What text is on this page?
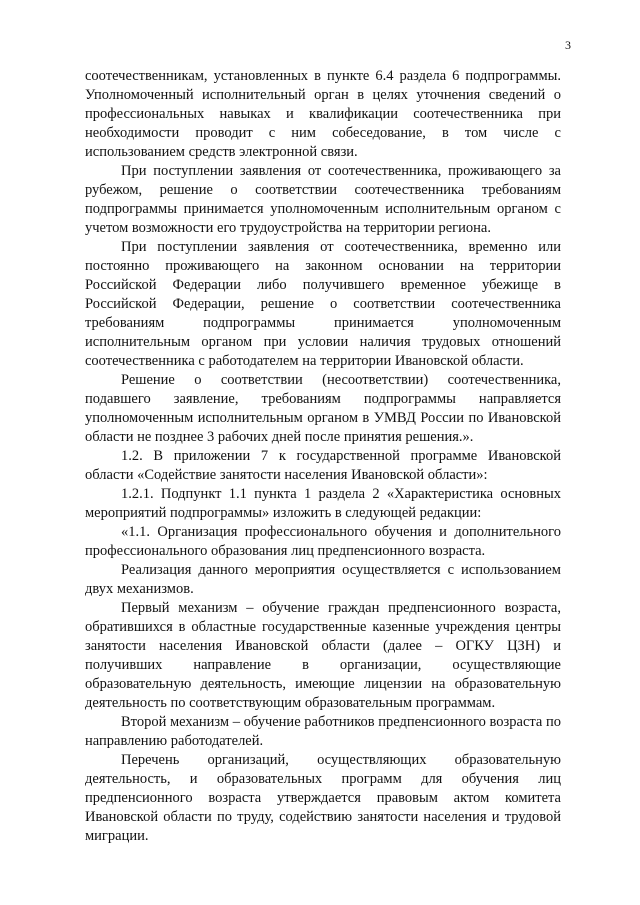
3

соотечественникам, установленных в пункте 6.4 раздела 6 подпрограммы. Уполномоченный исполнительный орган в целях уточнения сведений о профессиональных навыках и квалификации соотечественника при необходимости проводит с ним собеседование, в том числе с использованием средств электронной связи.

При поступлении заявления от соотечественника, проживающего за рубежом, решение о соответствии соотечественника требованиям подпрограммы принимается уполномоченным исполнительным органом с учетом возможности его трудоустройства на территории региона.

При поступлении заявления от соотечественника, временно или постоянно проживающего на законном основании на территории Российской Федерации либо получившего временное убежище в Российской Федерации, решение о соответствии соотечественника требованиям подпрограммы принимается уполномоченным исполнительным органом при условии наличия трудовых отношений соотечественника с работодателем на территории Ивановской области.

Решение о соответствии (несоответствии) соотечественника, подавшего заявление, требованиям подпрограммы направляется уполномоченным исполнительным органом в УМВД России по Ивановской области не позднее 3 рабочих дней после принятия решения.».

1.2. В приложении 7 к государственной программе Ивановской области «Содействие занятости населения Ивановской области»:

1.2.1. Подпункт 1.1 пункта 1 раздела 2 «Характеристика основных мероприятий подпрограммы» изложить в следующей редакции:

«1.1. Организация профессионального обучения и дополнительного профессионального образования лиц предпенсионного возраста.

Реализация данного мероприятия осуществляется с использованием двух механизмов.

Первый механизм – обучение граждан предпенсионного возраста, обратившихся в областные государственные казенные учреждения центры занятости населения Ивановской области (далее – ОГКУ ЦЗН) и получивших направление в организации, осуществляющие образовательную деятельность, имеющие лицензии на образовательную деятельность по соответствующим образовательным программам.

Второй механизм – обучение работников предпенсионного возраста по направлению работодателей.

Перечень организаций, осуществляющих образовательную деятельность, и образовательных программ для обучения лиц предпенсионного возраста утверждается правовым актом комитета Ивановской области по труду, содействию занятости населения и трудовой миграции.
